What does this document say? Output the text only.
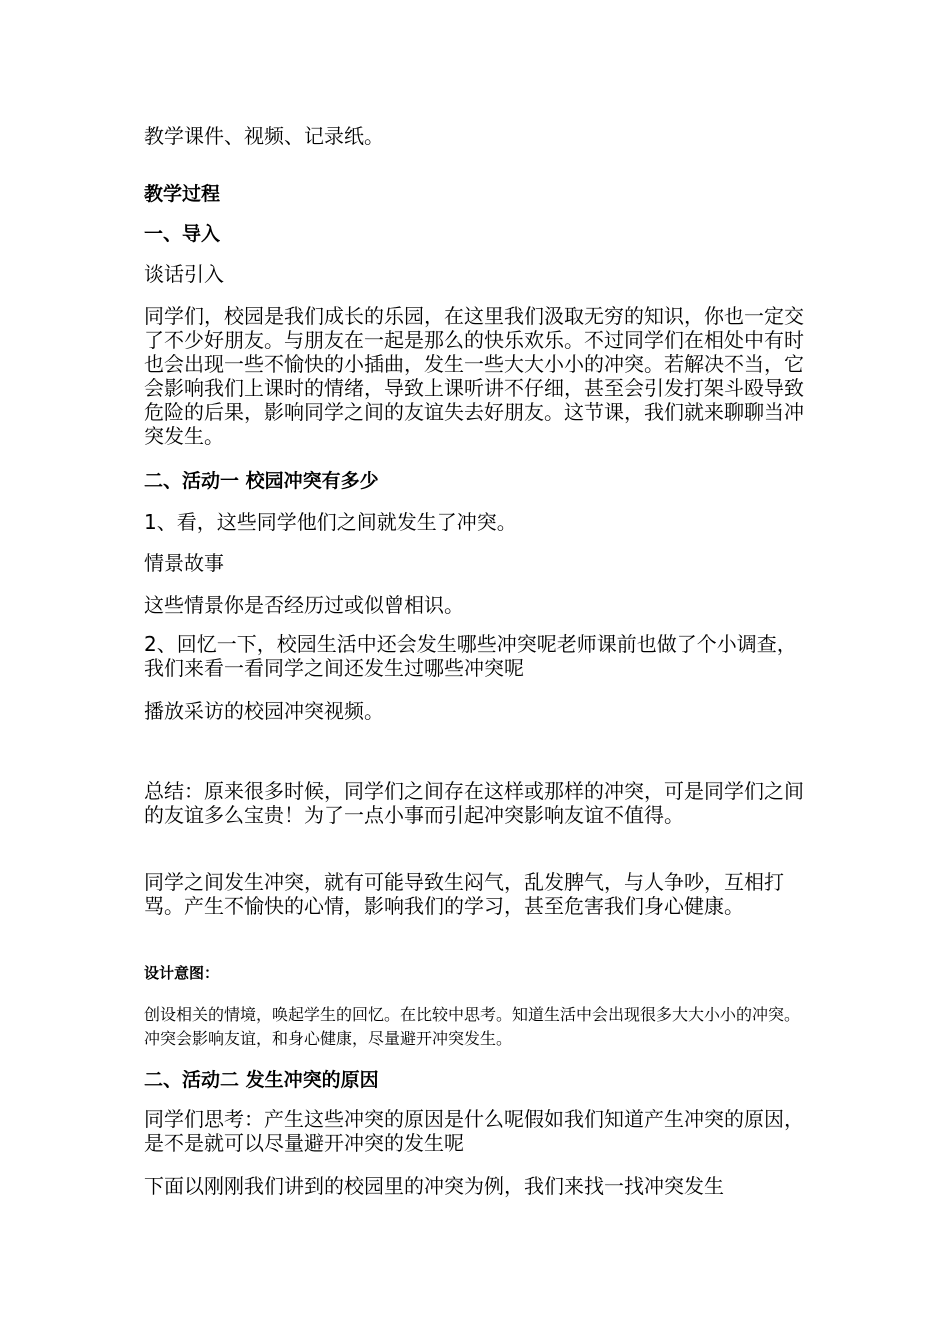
教学课件、视频、记录纸。

教学过程

一、导入

谈话引入

同学们，校园是我们成长的乐园，在这里我们汲取无穷的知识，你也一定交了不少好朋友。与朋友在一起是那么的快乐欢乐。不过同学们在相处中有时也会出现一些不愉快的小插曲，发生一些大大小小的冲突。若解决不当，它会影响我们上课时的情绪，导致上课听讲不仔细，甚至会引发打架斗殴导致危险的后果，影响同学之间的友谊失去好朋友。这节课，我们就来聊聊当冲突发生。

二、活动一 校园冲突有多少

1、看，这些同学他们之间就发生了冲突。

情景故事

这些情景你是否经历过或似曾相识。

2、回忆一下，校园生活中还会发生哪些冲突呢老师课前也做了个小调查，我们来看一看同学之间还发生过哪些冲突呢

播放采访的校园冲突视频。

总结：原来很多时候，同学们之间存在这样或那样的冲突，可是同学们之间的友谊多么宝贵！为了一点小事而引起冲突影响友谊不值得。

同学之间发生冲突，就有可能导致生闷气，乱发脾气，与人争吵，互相打骂。产生不愉快的心情，影响我们的学习，甚至危害我们身心健康。

设计意图：

创设相关的情境，唤起学生的回忆。在比较中思考。知道生活中会出现很多大大小小的冲突。冲突会影响友谊，和身心健康，尽量避开冲突发生。

二、活动二 发生冲突的原因

同学们思考：产生这些冲突的原因是什么呢假如我们知道产生冲突的原因，是不是就可以尽量避开冲突的发生呢

下面以刚刚我们讲到的校园里的冲突为例，我们来找一找冲突发生
